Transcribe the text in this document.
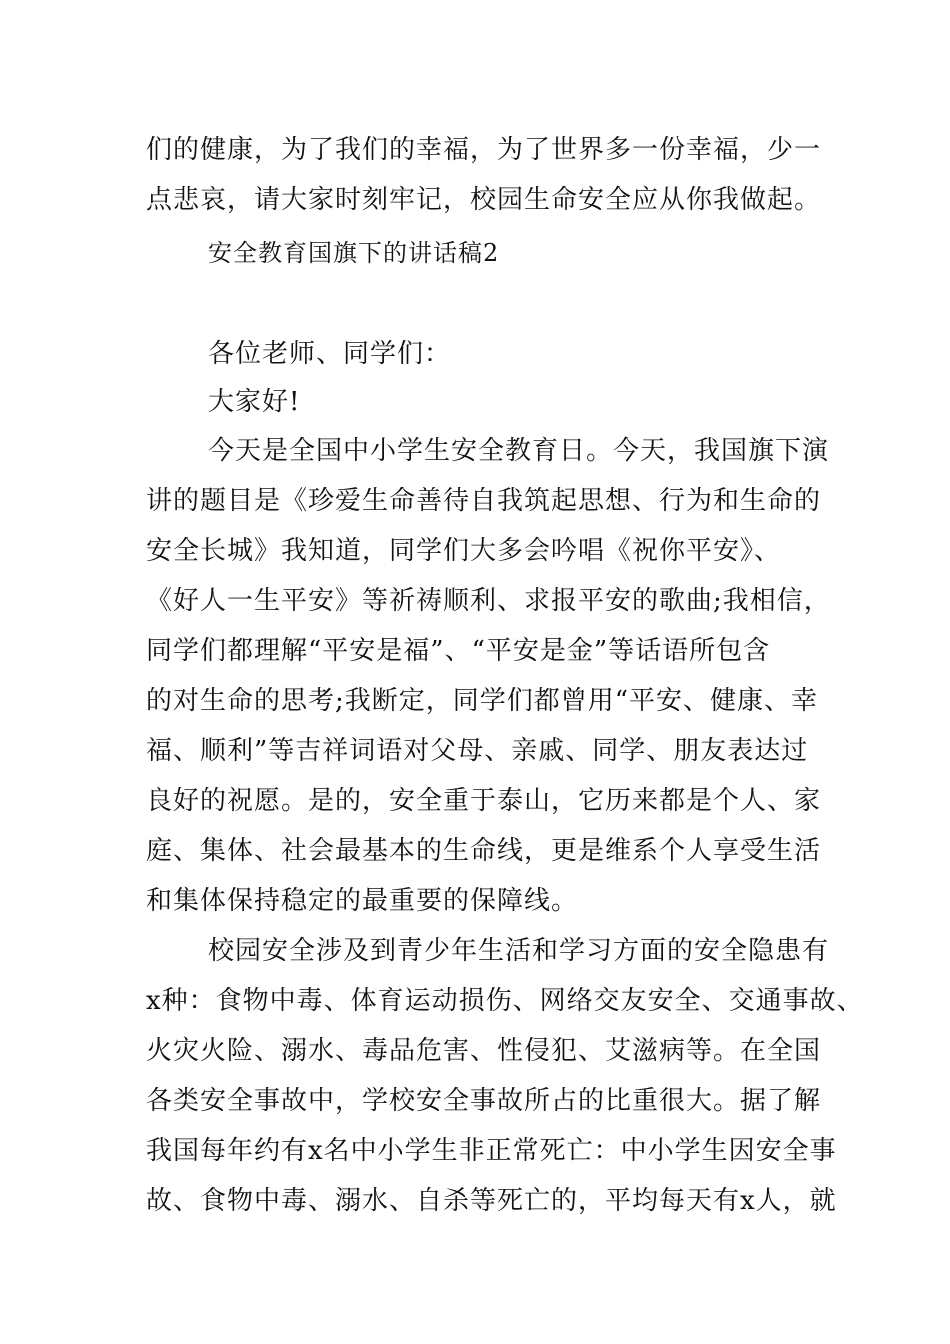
们的健康，为了我们的幸福，为了世界多一份幸福，少一
点悲哀，请大家时刻牢记，校园生命安全应从你我做起。
安全教育国旗下的讲话稿2
各位老师、同学们：
大家好!
今天是全国中小学生安全教育日。今天，我国旗下演
讲的题目是《珍爱生命善待自我筑起思想、行为和生命的
安全长城》我知道，同学们大多会吟唱《祝你平安》、
《好人一生平安》等祈祷顺利、求报平安的歌曲;我相信，
同学们都理解“平安是福”、“平安是金”等话语所包含
的对生命的思考;我断定，同学们都曾用“平安、健康、幸
福、顺利”等吉祥词语对父母、亲戚、同学、朋友表达过
良好的祝愿。是的，安全重于泰山，它历来都是个人、家
庭、集体、社会最基本的生命线，更是维系个人享受生活
和集体保持稳定的最重要的保障线。
校园安全涉及到青少年生活和学习方面的安全隐患有
x种：食物中毒、体育运动损伤、网络交友安全、交通事故、
火灾火险、溺水、毒品危害、性侵犯、艾滋病等。在全国
各类安全事故中，学校安全事故所占的比重很大。据了解
我国每年约有x名中小学生非正常死亡：中小学生因安全事
故、食物中毒、溺水、自杀等死亡的，平均每天有x人，就
